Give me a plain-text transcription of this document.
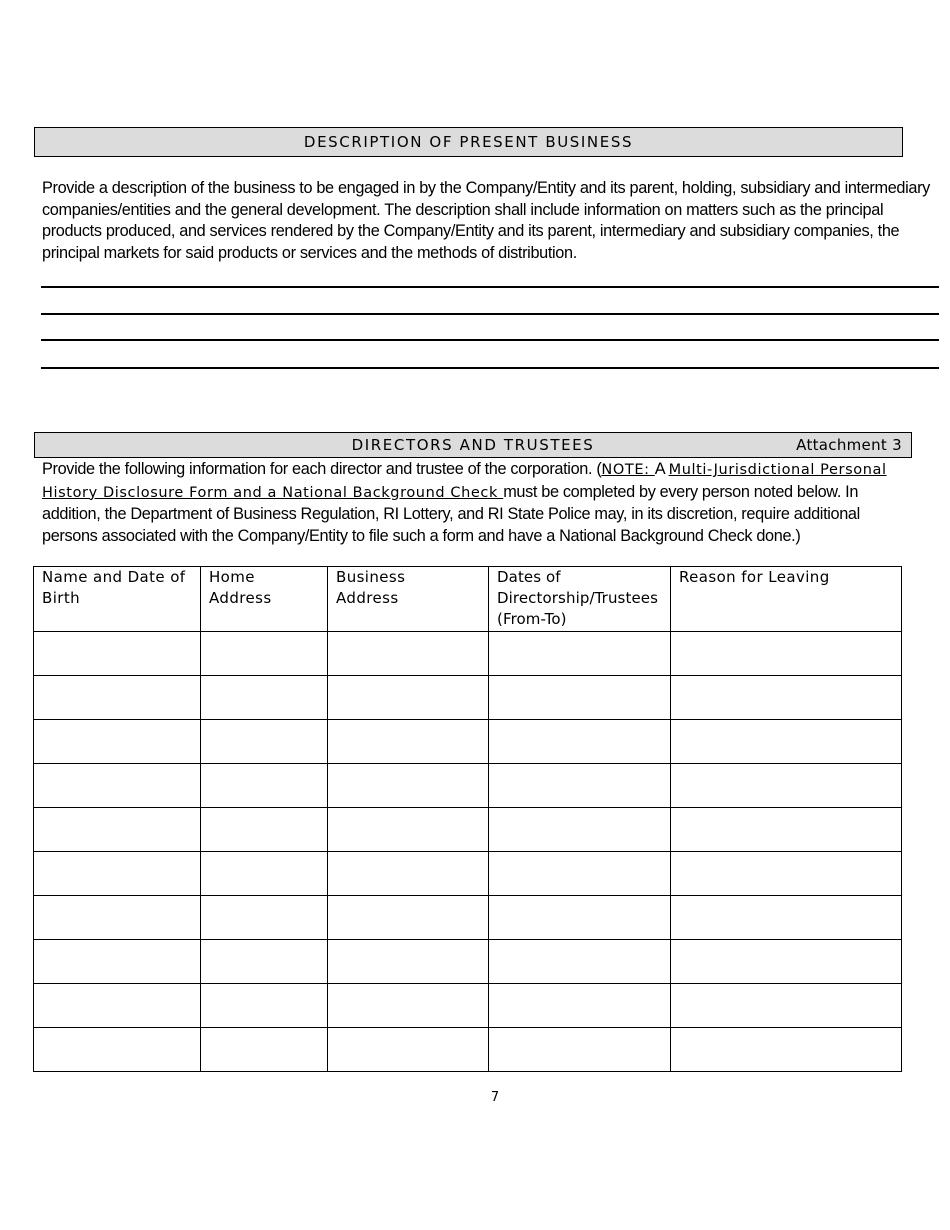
DESCRIPTION OF PRESENT BUSINESS
Provide a description of the business to be engaged in by the Company/Entity and its parent, holding, subsidiary and intermediary companies/entities and the general development. The description shall include information on matters such as the principal products produced, and services rendered by the Company/Entity and its parent, intermediary and subsidiary companies, the principal markets for said products or services and the methods of distribution.
DIRECTORS AND TRUSTEES	Attachment 3
Provide the following information for each director and trustee of the corporation. (NOTE: A Multi-Jurisdictional Personal History Disclosure Form and a National Background Check must be completed by every person noted below. In addition, the Department of Business Regulation, RI Lottery, and RI State Police may, in its discretion, require additional persons associated with the Company/Entity to file such a form and have a National Background Check done.)
Name and Date of Birth	Home Address	Business Address	Dates of Directorship/Trustees (From-To)	Reason for Leaving

7
